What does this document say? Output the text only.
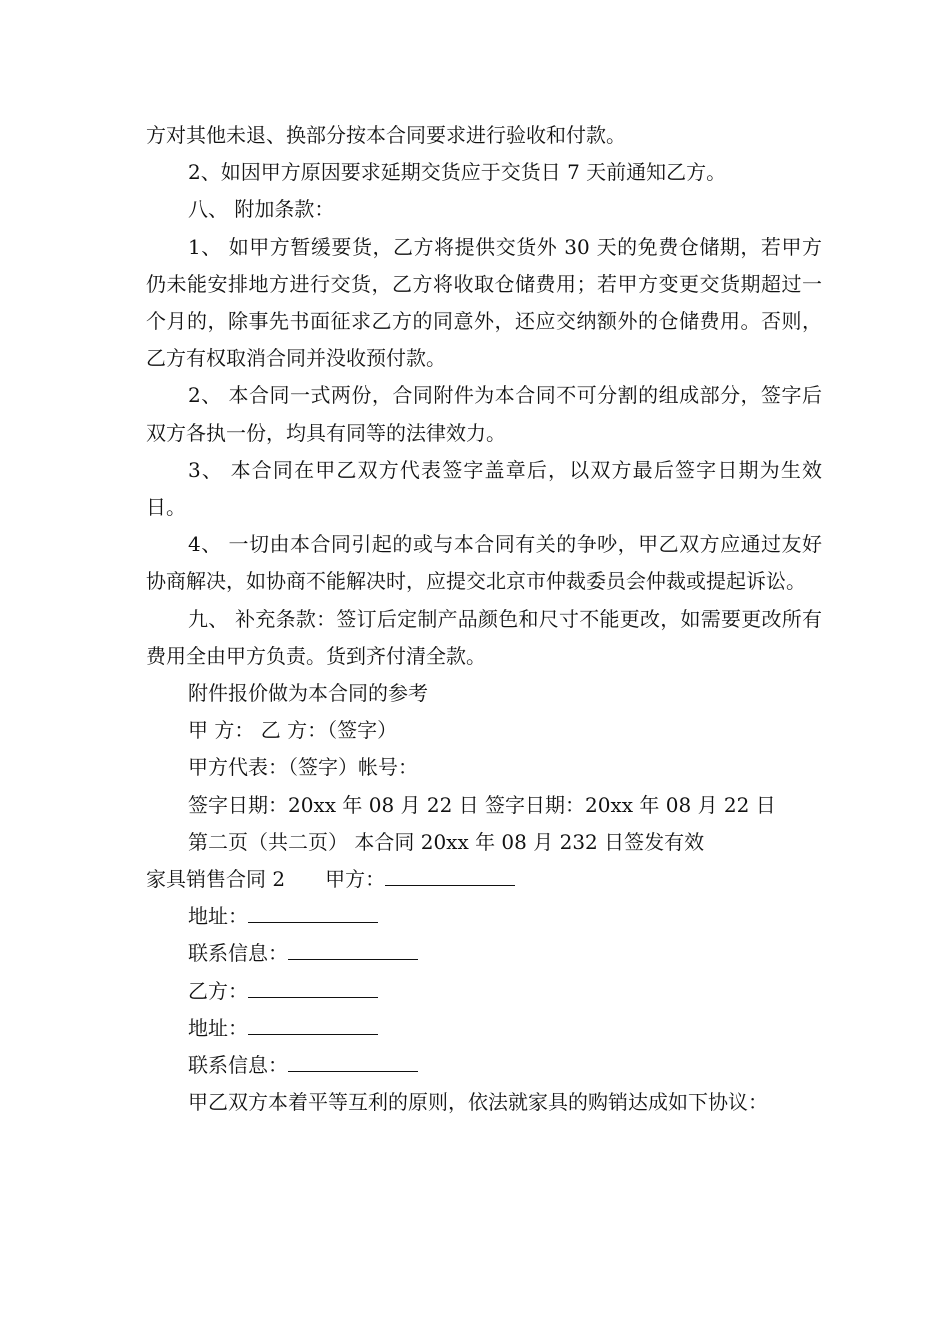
方对其他未退、换部分按本合同要求进行验收和付款。

2、如因甲方原因要求延期交货应于交货日 7 天前通知乙方。

八、 附加条款：

1、 如甲方暂缓要货，乙方将提供交货外 30 天的免费仓储期，若甲方仍未能安排地方进行交货，乙方将收取仓储费用；若甲方变更交货期超过一个月的，除事先书面征求乙方的同意外，还应交纳额外的仓储费用。否则，乙方有权取消合同并没收预付款。

2、 本合同一式两份，合同附件为本合同不可分割的组成部分，签字后双方各执一份，均具有同等的法律效力。

3、 本合同在甲乙双方代表签字盖章后，以双方最后签字日期为生效日。

4、 一切由本合同引起的或与本合同有关的争吵，甲乙双方应通过友好协商解决，如协商不能解决时，应提交北京市仲裁委员会仲裁或提起诉讼。

九、 补充条款：签订后定制产品颜色和尺寸不能更改，如需要更改所有费用全由甲方负责。货到齐付清全款。

附件报价做为本合同的参考

甲 方： 乙 方：（签字）

甲方代表：（签字）帐号：

签字日期：20xx 年 08 月 22 日 签字日期：20xx 年 08 月 22 日

第二页（共二页） 本合同 20xx 年 08 月 232 日签发有效

家具销售合同 2 甲方：

地址：

联系信息：

乙方：

地址：

联系信息：

甲乙双方本着平等互利的原则，依法就家具的购销达成如下协议：
